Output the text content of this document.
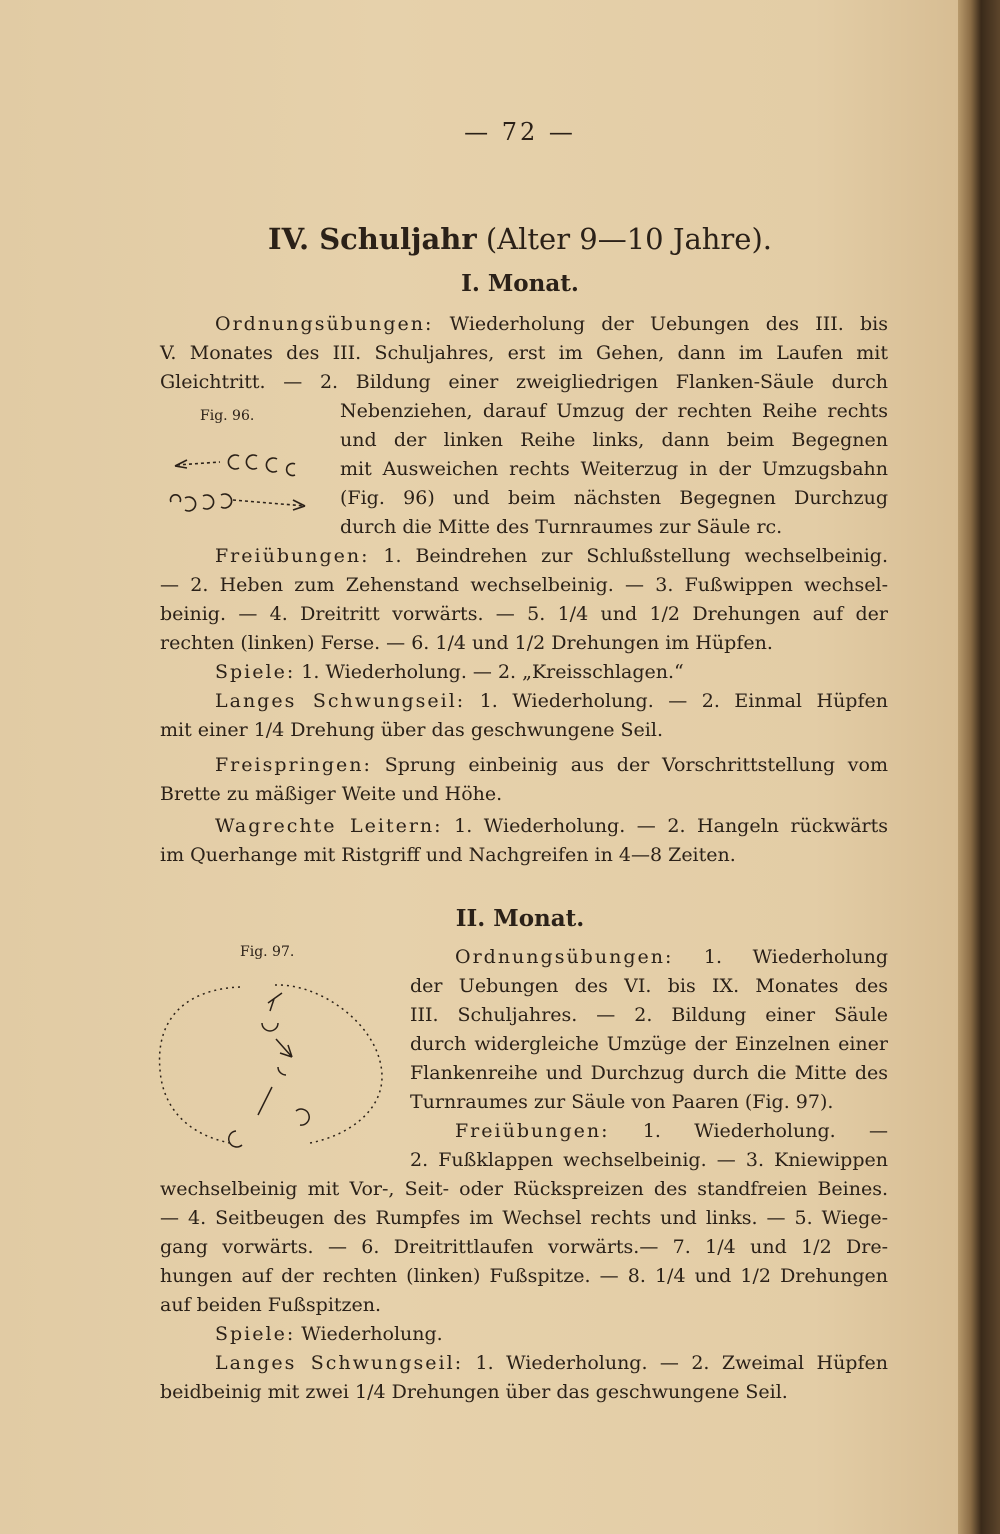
— 72 —
IV. Schuljahr (Alter 9—10 Jahre).
I. Monat.
Ordnungsübungen: Wiederholung der Uebungen des III. bis
V. Monates des III. Schuljahres, erst im Gehen, dann im Laufen mit
Gleichtritt. — 2. Bildung einer zweigliedrigen Flanken-Säule durch
Fig. 96.	Nebenziehen, darauf Umzug der rechten Reihe rechts
und der linken Reihe links, dann beim Begegnen
mit Ausweichen rechts Weiterzug in der Umzugsbahn
(Fig. 96) und beim nächsten Begegnen Durchzug
durch die Mitte des Turnraumes zur Säule rc.
Freiübungen: 1. Beindrehen zur Schlußstellung wechselbeinig.
— 2. Heben zum Zehenstand wechselbeinig. — 3. Fußwippen wechsel-
beinig. — 4. Dreitritt vorwärts. — 5. 1/4 und 1/2 Drehungen auf der
rechten (linken) Ferse. — 6. 1/4 und 1/2 Drehungen im Hüpfen.
Spiele: 1. Wiederholung. — 2. „Kreisschlagen.“
Langes Schwungseil: 1. Wiederholung. — 2. Einmal Hüpfen
mit einer 1/4 Drehung über das geschwungene Seil.
Freispringen: Sprung einbeinig aus der Vorschrittstellung vom
Brette zu mäßiger Weite und Höhe.
Wagrechte Leitern: 1. Wiederholung. — 2. Hangeln rückwärts
im Querhange mit Ristgriff und Nachgreifen in 4—8 Zeiten.
II. Monat.
Fig. 97.	Ordnungsübungen: 1. Wiederholung
der Uebungen des VI. bis IX. Monates des
III. Schuljahres. — 2. Bildung einer Säule
durch widergleiche Umzüge der Einzelnen einer
Flankenreihe und Durchzug durch die Mitte des
Turnraumes zur Säule von Paaren (Fig. 97).
Freiübungen: 1. Wiederholung. —
2. Fußklappen wechselbeinig. — 3. Kniewippen
wechselbeinig mit Vor-, Seit- oder Rückspreizen des standfreien Beines.
— 4. Seitbeugen des Rumpfes im Wechsel rechts und links. — 5. Wiege-
gang vorwärts. — 6. Dreitrittlaufen vorwärts.— 7. 1/4 und 1/2 Dre-
hungen auf der rechten (linken) Fußspitze. — 8. 1/4 und 1/2 Drehungen
auf beiden Fußspitzen.
Spiele: Wiederholung.
Langes Schwungseil: 1. Wiederholung. — 2. Zweimal Hüpfen
beidbeinig mit zwei 1/4 Drehungen über das geschwungene Seil.
